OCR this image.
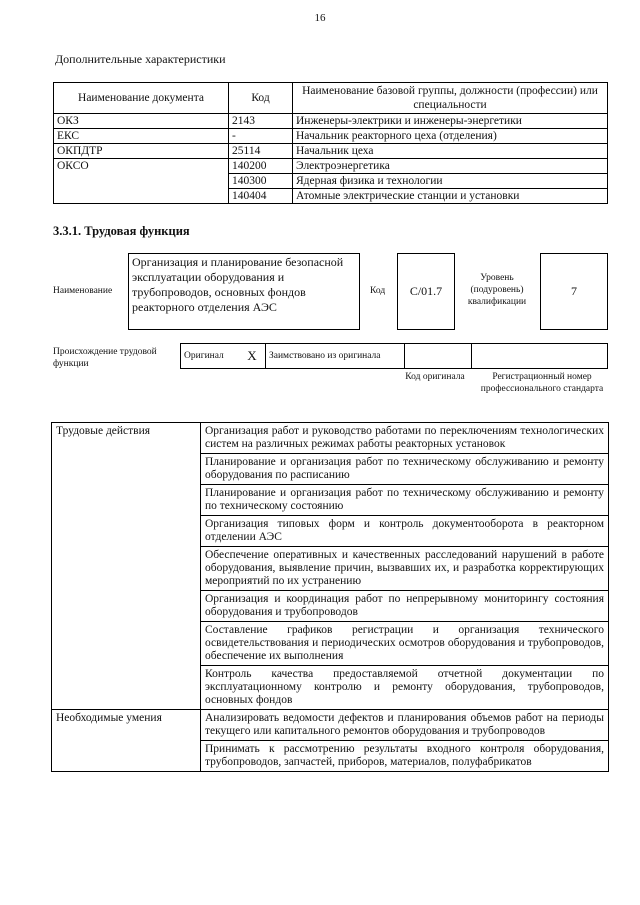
16
Дополнительные характеристики
Наименование документа	Код	Наименование базовой группы, должности (профессии) или специальности
ОКЗ	2143	Инженеры-электрики и инженеры-энергетики
ЕКС	-	Начальник реакторного цеха (отделения)
ОКПДТР	25114	Начальник цеха
ОКСО	140200	Электроэнергетика
	140300	Ядерная физика и технологии
	140404	Атомные электрические станции и установки
3.3.1. Трудовая функция
Наименование
Организация и планирование безопасной эксплуатации оборудования и трубопроводов, основных фондов реакторного отделения АЭС
Код	С/01.7
Уровень (подуровень) квалификации
7
Происхождение трудовой функции
Оригинал	X	Заимствовано из оригинала		
Код оригинала	Регистрационный номер профессионального стандарта
Трудовые действия	Организация работ и руководство работами по переключениям технологических систем на различных режимах работы реакторных установок
	Планирование и организация работ по техническому обслуживанию и ремонту оборудования по расписанию
	Планирование и организация работ по техническому обслуживанию и ремонту по техническому состоянию
	Организация типовых форм и контроль документооборота в реакторном отделении АЭС
	Обеспечение оперативных и качественных расследований нарушений в работе оборудования, выявление причин, вызвавших их, и разработка корректирующих мероприятий по их устранению
	Организация и координация работ по непрерывному мониторингу состояния оборудования и трубопроводов
	Составление графиков регистрации и организация технического освидетельствования и периодических осмотров оборудования и трубопроводов, обеспечение их выполнения
	Контроль качества предоставляемой отчетной документации по эксплуатационному контролю и ремонту оборудования, трубопроводов, основных фондов
Необходимые умения	Анализировать ведомости дефектов и планирования объемов работ на периоды текущего или капитального ремонтов оборудования и трубопроводов
	Принимать к рассмотрению результаты входного контроля оборудования, трубопроводов, запчастей, приборов, материалов, полуфабрикатов
